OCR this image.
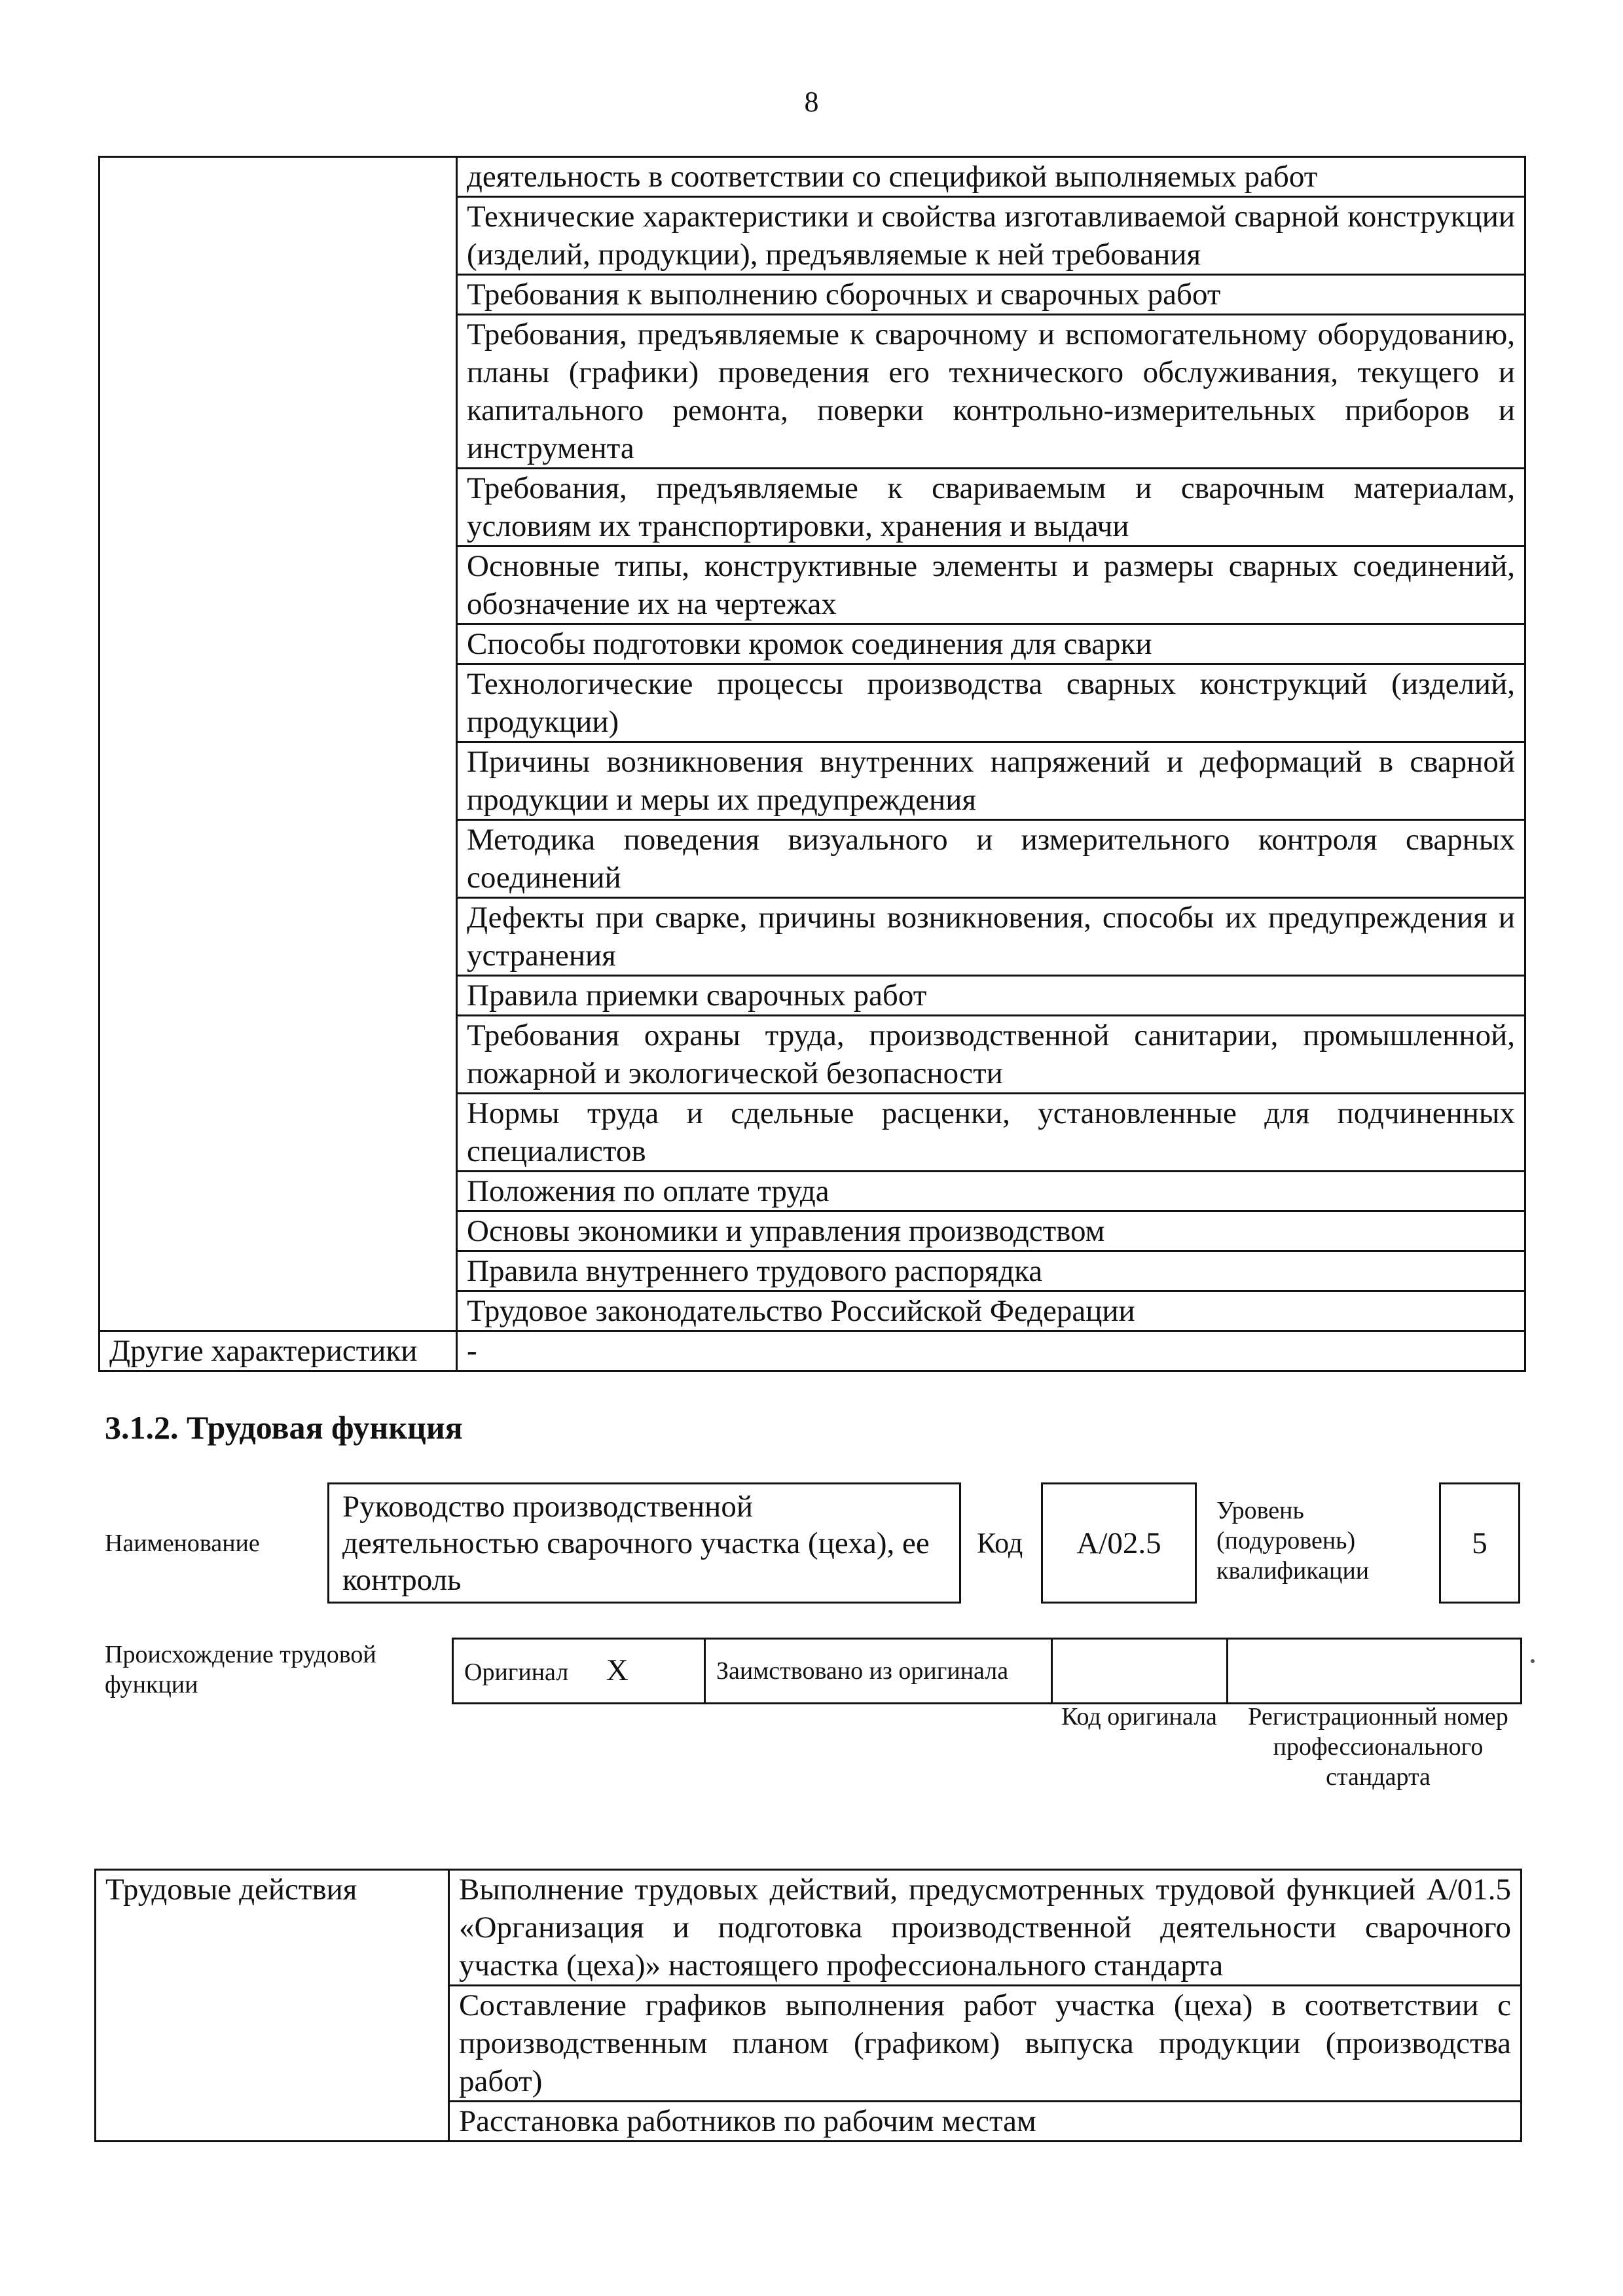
8
	деятельность в соответствии со спецификой выполняемых работ
	Технические характеристики и свойства изготавливаемой сварной конструкции (изделий, продукции), предъявляемые к ней требования
	Требования к выполнению сборочных и сварочных работ
	Требования, предъявляемые к сварочному и вспомогательному оборудованию, планы (графики) проведения его технического обслуживания, текущего и капитального ремонта, поверки контрольно-измерительных приборов и инструмента
	Требования, предъявляемые к свариваемым и сварочным материалам, условиям их транспортировки, хранения и выдачи
	Основные типы, конструктивные элементы и размеры сварных соединений, обозначение их на чертежах
	Способы подготовки кромок соединения для сварки
	Технологические процессы производства сварных конструкций (изделий, продукции)
	Причины возникновения внутренних напряжений и деформаций в сварной продукции и меры их предупреждения
	Методика поведения визуального и измерительного контроля сварных соединений
	Дефекты при сварке, причины возникновения, способы их предупреждения и устранения
	Правила приемки сварочных работ
	Требования охраны труда, производственной санитарии, промышленной, пожарной и экологической безопасности
	Нормы труда и сдельные расценки, установленные для подчиненных специалистов
	Положения по оплате труда
	Основы экономики и управления производством
	Правила внутреннего трудового распорядка
	Трудовое законодательство Российской Федерации
Другие характеристики	-
3.1.2. Трудовая функция
Наименование
Руководство производственной деятельностью сварочного участка (цеха), ее контроль
Код A/02.5
Уровень (подуровень) квалификации
5
Происхождение трудовой функции	Оригинал X	Заимствовано из оригинала		
Код оригинала	Регистрационный номер профессионального стандарта
Трудовые действия	Выполнение трудовых действий, предусмотренных трудовой функцией А/01.5 «Организация и подготовка производственной деятельности сварочного участка (цеха)» настоящего профессионального стандарта
Составление графиков выполнения работ участка (цеха) в соответствии с производственным планом (графиком) выпуска продукции (производства работ)
Расстановка работников по рабочим местам
